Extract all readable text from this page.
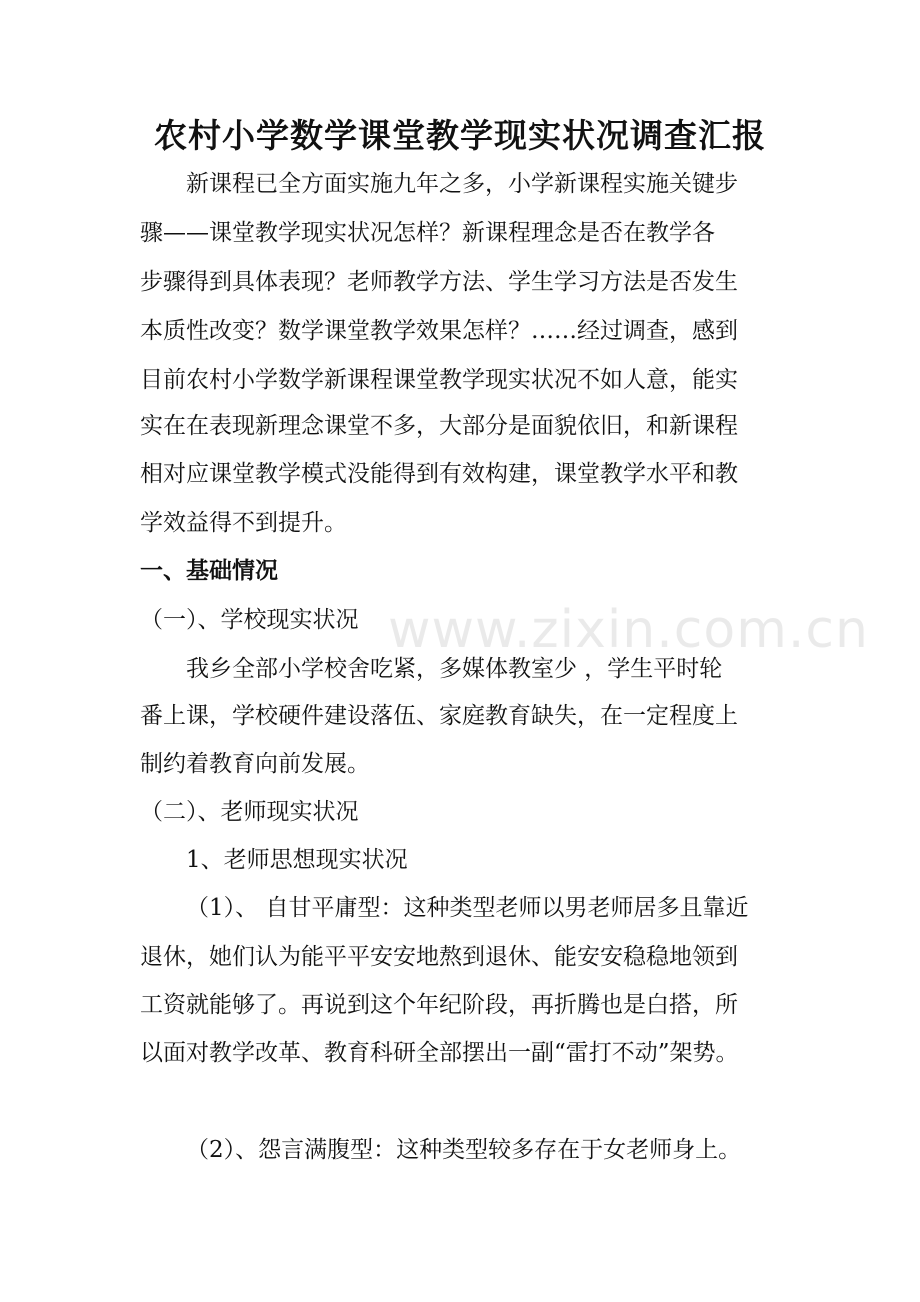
农村小学数学课堂教学现实状况调查汇报
新课程已全方面实施九年之多，小学新课程实施关键步
骤——课堂教学现实状况怎样？新课程理念是否在教学各
步骤得到具体表现？老师教学方法、学生学习方法是否发生
本质性改变？数学课堂教学效果怎样？……经过调查，感到
目前农村小学数学新课程课堂教学现实状况不如人意，能实
实在在表现新理念课堂不多，大部分是面貌依旧，和新课程
相对应课堂教学模式没能得到有效构建，课堂教学水平和教
学效益得不到提升。
一、基础情况
（一）、学校现实状况
我乡全部小学校舍吃紧，多媒体教室少 ，学生平时轮
番上课，学校硬件建设落伍、家庭教育缺失，在一定程度上
制约着教育向前发展。
（二）、老师现实状况
1、老师思想现实状况
（1）、 自甘平庸型：这种类型老师以男老师居多且靠近
退休，她们认为能平平安安地熬到退休、能安安稳稳地领到
工资就能够了。再说到这个年纪阶段，再折腾也是白搭，所
以面对教学改革、教育科研全部摆出一副“雷打不动”架势。
（2）、怨言满腹型：这种类型较多存在于女老师身上。
www.zixin.com.cn
